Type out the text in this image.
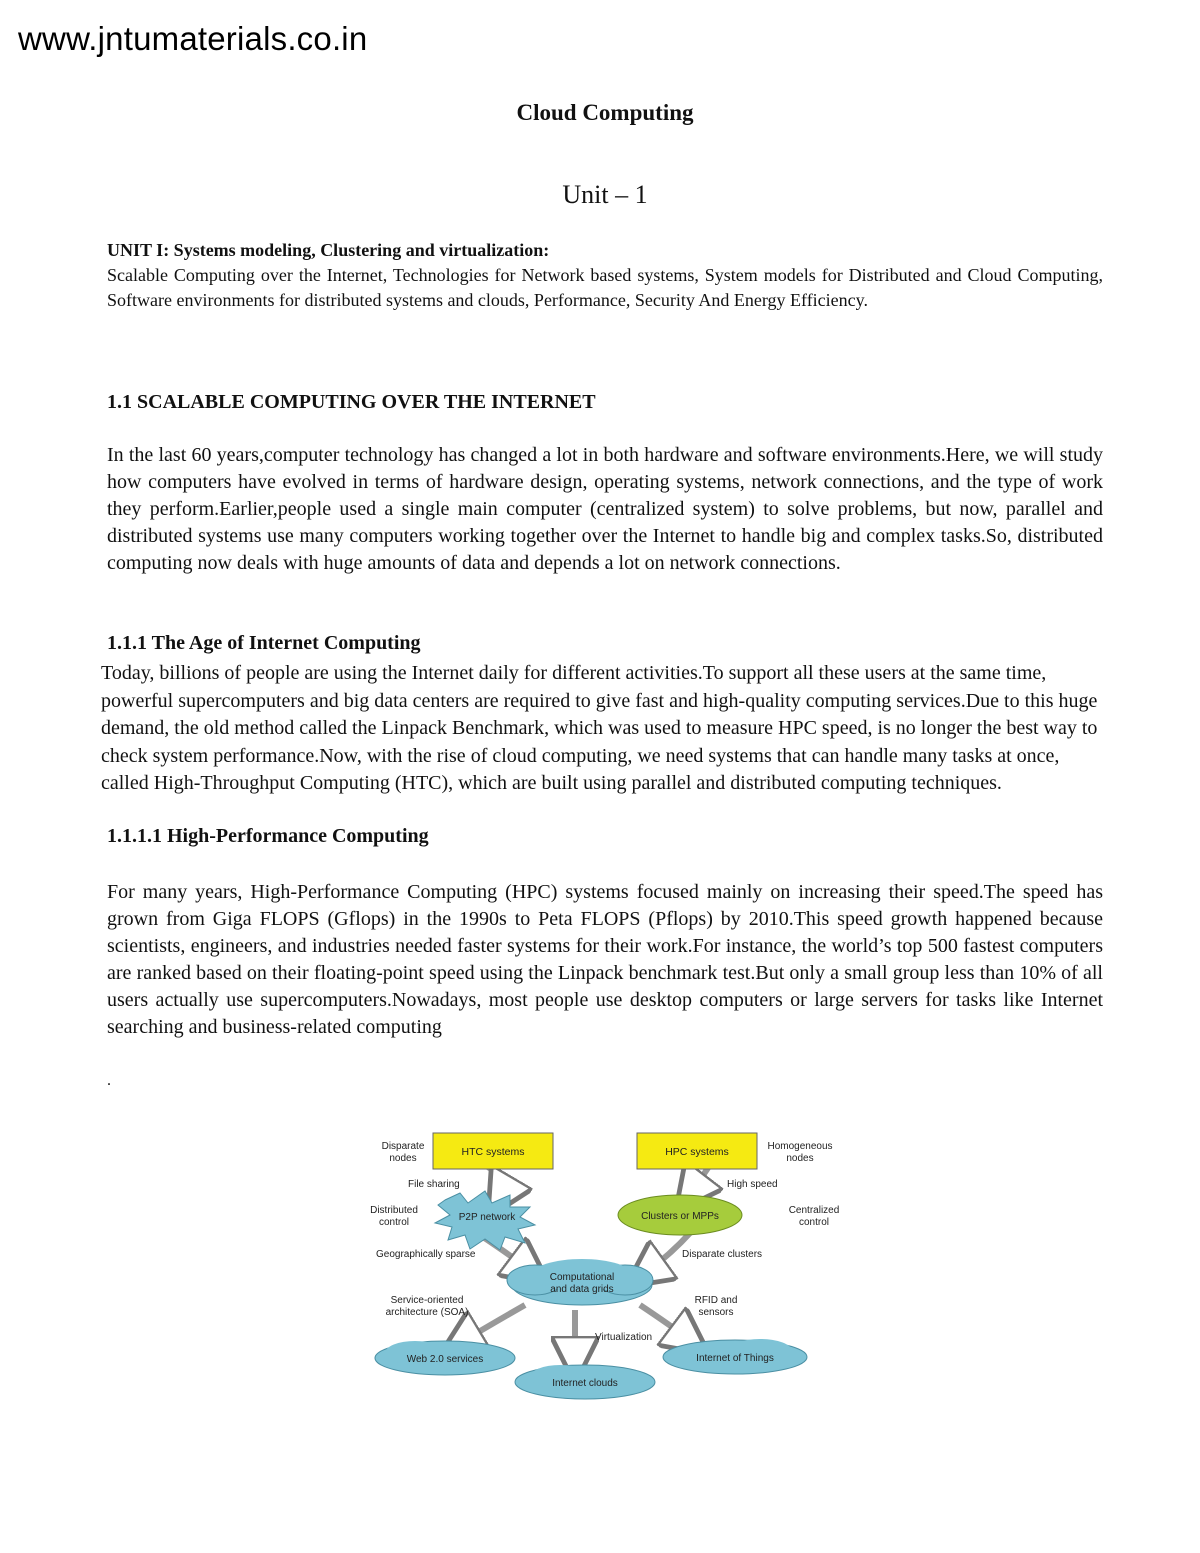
www.jntumaterials.co.in
Cloud Computing
Unit – 1
UNIT I: Systems modeling, Clustering and virtualization:
Scalable Computing over the Internet, Technologies for Network based systems, System models for Distributed and Cloud Computing, Software environments for distributed systems and clouds, Performance, Security And Energy Efficiency.
1.1 SCALABLE COMPUTING OVER THE INTERNET
In the last 60 years,computer technology has changed a lot in both hardware and software environments.Here, we will study how computers have evolved in terms of hardware design, operating systems, network connections, and the type of work they perform.Earlier,people used a single main computer (centralized system) to solve problems, but now, parallel and distributed systems use many computers working together over the Internet to handle big and complex tasks.So, distributed computing now deals with huge amounts of data and depends a lot on network connections.
1.1.1 The Age of Internet Computing
Today, billions of people are using the Internet daily for different activities.To support all these users at the same time, powerful supercomputers and big data centers are required to give fast and high-quality computing services.Due to this huge demand, the old method called the Linpack Benchmark, which was used to measure HPC speed, is no longer the best way to check system performance.Now, with the rise of cloud computing, we need systems that can handle many tasks at once, called High-Throughput Computing (HTC), which are built using parallel and distributed computing techniques.
1.1.1.1 High-Performance Computing
For many years, High-Performance Computing (HPC) systems focused mainly on increasing their speed.The speed has grown from Giga FLOPS (Gflops) in the 1990s to Peta FLOPS (Pflops) by 2010.This speed growth happened because scientists, engineers, and industries needed faster systems for their work.For instance, the world’s top 500 fastest computers are ranked based on their floating-point speed using the Linpack benchmark test.But only a small group less than 10% of all users actually use supercomputers.Nowadays, most people use desktop computers or large servers for tasks like Internet searching and business-related computing
.
HTC systems	HPC systems
Disparate
nodes
Homogeneous
nodes
File sharing	High speed
P2P network	Clusters or MPPs
Distributed
control
Centralized
control
Geographically sparse	Disparate clusters
Computational
and data grids
Service-oriented
architecture (SOA)
RFID and
sensors
Virtualization
Web 2.0 services	Internet of Things
Internet clouds
